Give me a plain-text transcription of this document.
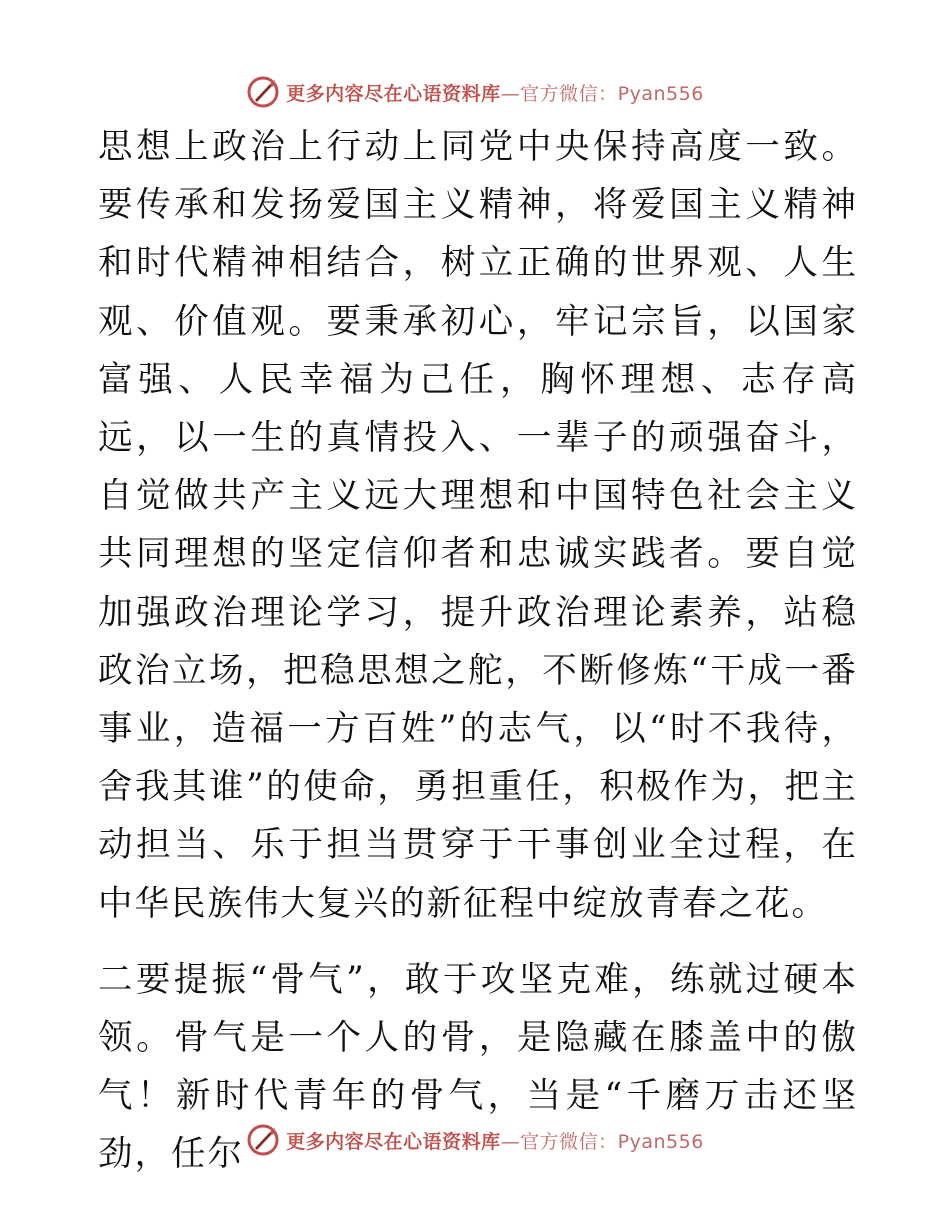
更多内容尽在心语资料库—官方微信：Pyan556

思想上政治上行动上同党中央保持高度一致。要传承和发扬爱国主义精神，将爱国主义精神和时代精神相结合，树立正确的世界观、人生观、价值观。要秉承初心，牢记宗旨，以国家富强、人民幸福为己任，胸怀理想、志存高远，以一生的真情投入、一辈子的顽强奋斗，自觉做共产主义远大理想和中国特色社会主义共同理想的坚定信仰者和忠诚实践者。要自觉加强政治理论学习，提升政治理论素养，站稳政治立场，把稳思想之舵，不断修炼“干成一番事业，造福一方百姓”的志气，以“时不我待，舍我其谁”的使命，勇担重任，积极作为，把主动担当、乐于担当贯穿于干事创业全过程，在中华民族伟大复兴的新征程中绽放青春之花。

二要提振“骨气”，敢于攻坚克难，练就过硬本领。骨气是一个人的骨，是隐藏在膝盖中的傲气！新时代青年的骨气，当是“千磨万击还坚劲，任尔	更多内容尽在心语资料库—官方微信：Pyan556
